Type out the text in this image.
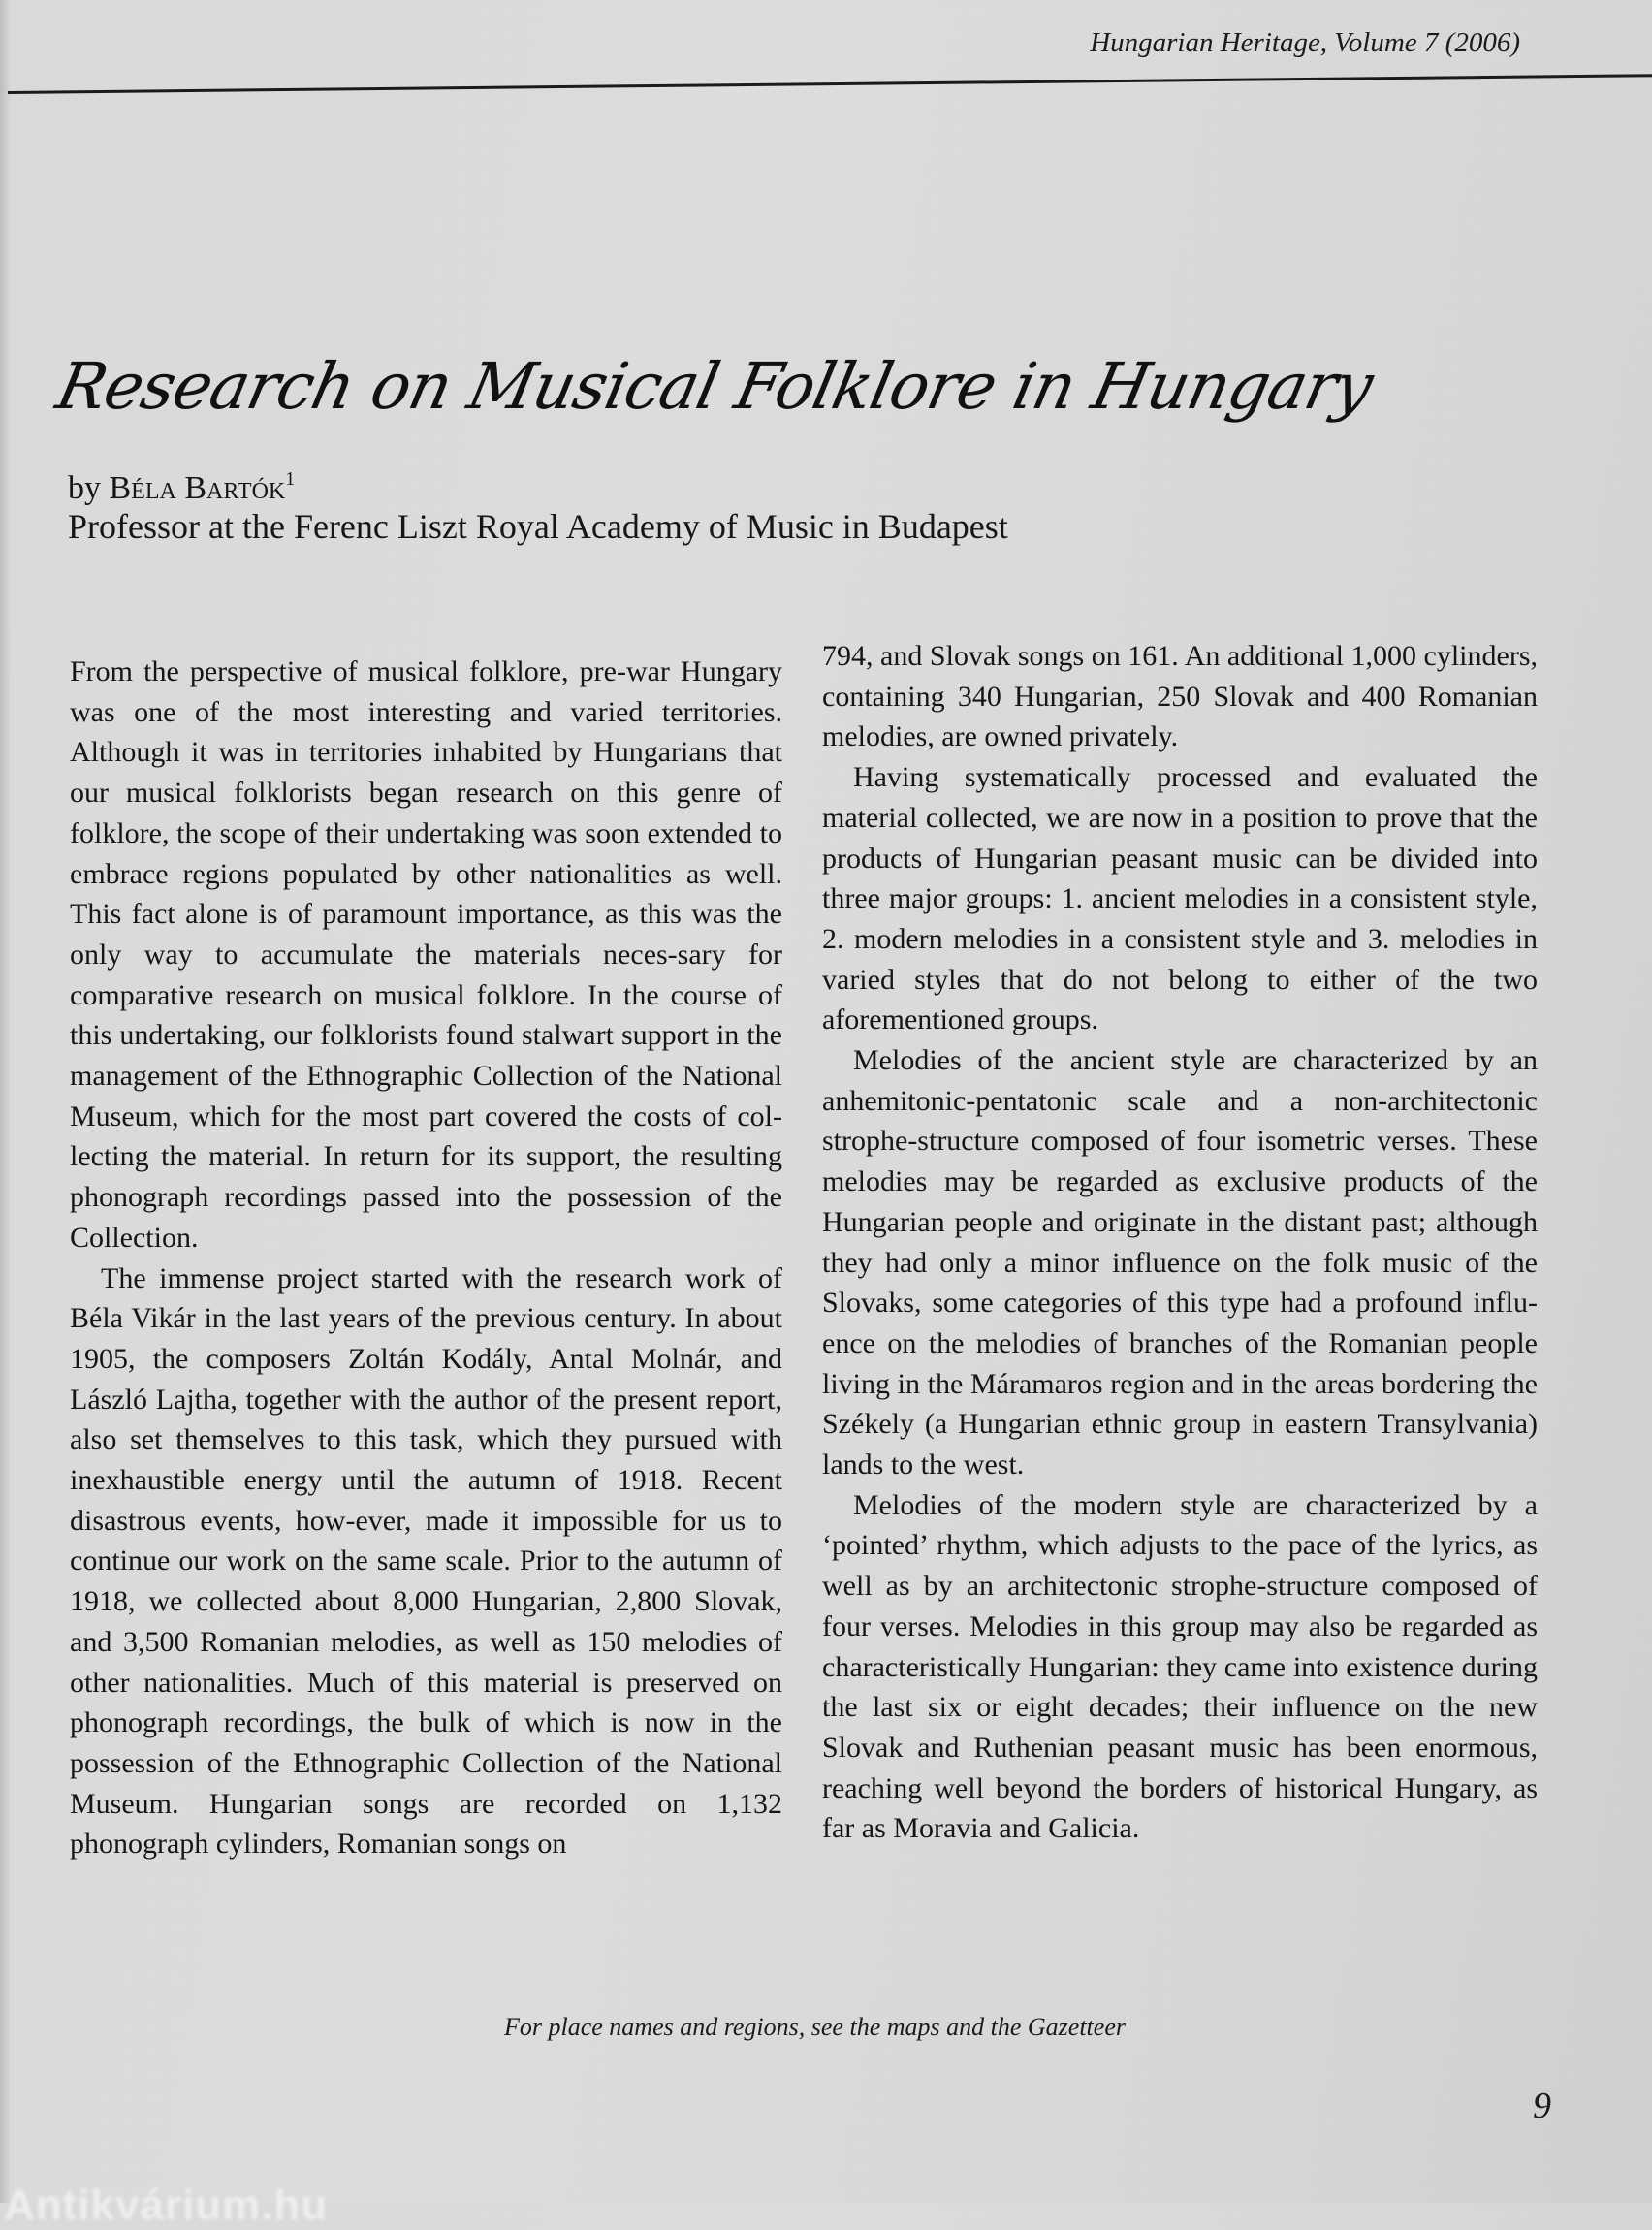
Hungarian Heritage, Volume 7 (2006)
Research on Musical Folklore in Hungary
by Béla Bartók$^1$
Professor at the Ferenc Liszt Royal Academy of Music in Budapest

From the perspective of musical folklore, pre-war Hungary was one of the most interesting and varied territories. Although it was in territories inhabited by Hungarians that our musical folklorists began research on this genre of folklore, the scope of their undertaking was soon extended to embrace regions populated by other nationalities as well. This fact alone is of paramount importance, as this was the only way to accumulate the materials neces-sary for comparative research on musical folklore. In the course of this undertaking, our folklorists found stalwart support in the management of the Ethnographic Collection of the National Museum, which for the most part covered the costs of col-lecting the material. In return for its support, the resulting phonograph recordings passed into the possession of the Collection.

The immense project started with the research work of Béla Vikár in the last years of the previous century. In about 1905, the composers Zoltán Kodály, Antal Molnár, and László Lajtha, together with the author of the present report, also set themselves to this task, which they pursued with inexhaustible energy until the autumn of 1918. Recent disastrous events, how-ever, made it impossible for us to continue our work on the same scale. Prior to the autumn of 1918, we collected about 8,000 Hungarian, 2,800 Slovak, and 3,500 Romanian melodies, as well as 150 melodies of other nationalities. Much of this material is preserved on phonograph recordings, the bulk of which is now in the possession of the Ethnographic Collection of the National Museum. Hungarian songs are recorded on 1,132 phonograph cylinders, Romanian songs on

794, and Slovak songs on 161. An additional 1,000 cylinders, containing 340 Hungarian, 250 Slovak and 400 Romanian melodies, are owned privately.

Having systematically processed and evaluated the material collected, we are now in a position to prove that the products of Hungarian peasant music can be divided into three major groups: 1. ancient melodies in a consistent style, 2. modern melodies in a consistent style and 3. melodies in varied styles that do not belong to either of the two aforementioned groups.

Melodies of the ancient style are characterized by an anhemitonic-pentatonic scale and a non-architectonic strophe-structure composed of four isometric verses. These melodies may be regarded as exclusive products of the Hungarian people and originate in the distant past; although they had only a minor influence on the folk music of the Slovaks, some categories of this type had a profound influ-ence on the melodies of branches of the Romanian people living in the Máramaros region and in the areas bordering the Székely (a Hungarian ethnic group in eastern Transylvania) lands to the west.

Melodies of the modern style are characterized by a ‘pointed’ rhythm, which adjusts to the pace of the lyrics, as well as by an architectonic strophe-structure composed of four verses. Melodies in this group may also be regarded as characteristically Hungarian: they came into existence during the last six or eight decades; their influence on the new Slovak and Ruthenian peasant music has been enormous, reaching well beyond the borders of historical Hungary, as far as Moravia and Galicia.

For place names and regions, see the maps and the Gazetteer
9
Antikvárium.hu
